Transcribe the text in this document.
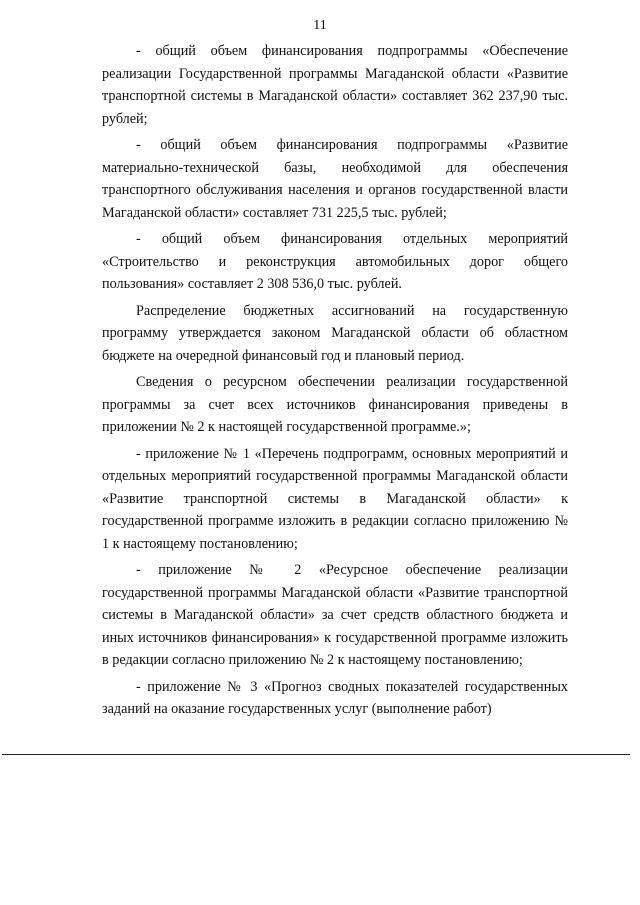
11

- общий объем финансирования подпрограммы «Обеспечение реализации Государственной программы Магаданской области «Развитие транспортной системы в Магаданской области» составляет 362 237,90 тыс. рублей;

- общий объем финансирования подпрограммы «Развитие материально-технической базы, необходимой для обеспечения транспортного обслуживания населения и органов государственной власти Магаданской области» составляет 731 225,5 тыс. рублей;

- общий объем финансирования отдельных мероприятий «Строительство и реконструкция автомобильных дорог общего пользования» составляет 2 308 536,0 тыс. рублей.

Распределение бюджетных ассигнований на государственную программу утверждается законом Магаданской области об областном бюджете на очередной финансовый год и плановый период.

Сведения о ресурсном обеспечении реализации государственной программы за счет всех источников финансирования приведены в приложении № 2 к настоящей государственной программе.»;

- приложение № 1 «Перечень подпрограмм, основных мероприятий и отдельных мероприятий государственной программы Магаданской области «Развитие транспортной системы в Магаданской области» к государственной программе изложить в редакции согласно приложению № 1 к настоящему постановлению;

- приложение № 2 «Ресурсное обеспечение реализации государственной программы Магаданской области «Развитие транспортной системы в Магаданской области» за счет средств областного бюджета и иных источников финансирования» к государственной программе изложить в редакции согласно приложению № 2 к настоящему постановлению;

- приложение № 3 «Прогноз сводных показателей государственных заданий на оказание государственных услуг (выполнение работ)
